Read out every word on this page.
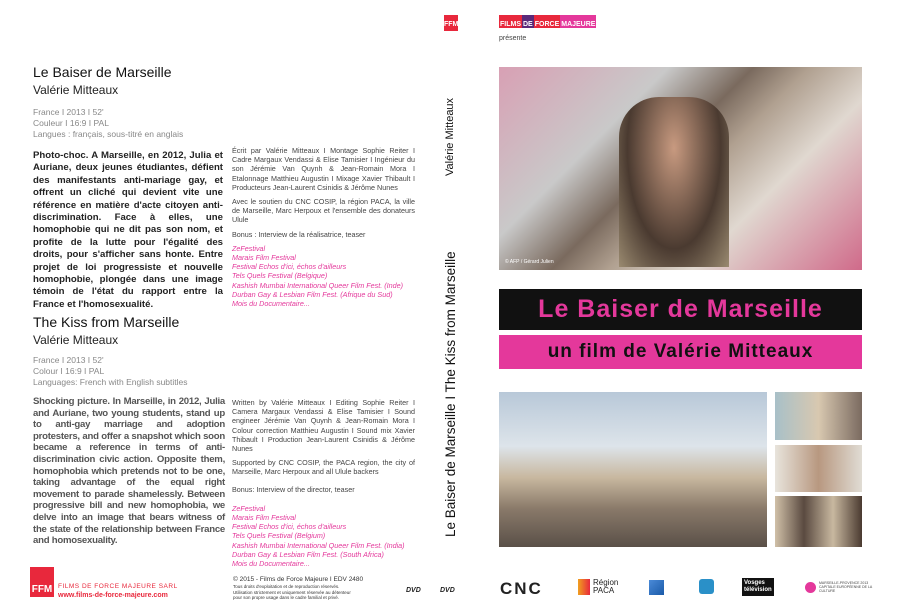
Le Baiser de Marseille
Valérie Mitteaux
France I 2013 I 52'
Couleur I 16:9 I PAL
Langues : français, sous-titré en anglais
Photo-choc. A Marseille, en 2012, Julia et Auriane, deux jeunes étudiantes, défient des manifestants anti-mariage gay, et offrent un cliché qui devient vite une référence en matière d'acte citoyen anti-discrimination. Face à elles, une homophobie qui ne dit pas son nom, et profite de la lutte pour l'égalité des droits, pour s'afficher sans honte. Entre projet de loi progressiste et nouvelle homophobie, plongée dans une image témoin de l'état du rapport entre la France et l'homosexualité.

Écrit par Valérie Mitteaux I Montage Sophie Reiter I Cadre Margaux Vendassi & Elise Tamisier I Ingénieur du son Jérémie Van Quynh & Jean-Romain Mora I Etalonnage Matthieu Augustin I Mixage Xavier Thibault I Producteurs Jean-Laurent Csinidis & Jérôme Nunes

Avec le soutien du CNC COSIP, la région PACA, la ville de Marseille, Marc Herpoux et l'ensemble des donateurs Ulule

Bonus : Interview de la réalisatrice, teaser

ZeFestival
Marais Film Festival
Festival Echos d'ici, échos d'ailleurs
Tels Quels Festival (Belgique)
Kashish Mumbai International Queer Film Fest. (Inde)
Durban Gay & Lesbian Film Fest. (Afrique du Sud)
Mois du Documentaire...
The Kiss from Marseille
Valérie Mitteaux
France I 2013 I 52'
Colour I 16:9 I PAL
Languages: French with English subtitles
Shocking picture. In Marseille, in 2012, Julia and Auriane, two young students, stand up to anti-gay marriage and adoption protesters, and offer a snapshot which soon became a reference in terms of anti-discrimination civic action. Opposite them, homophobia which pretends not to be one, taking advantage of the equal right movement to parade shamelessly. Between progressive bill and new homophobia, we delve into an image that bears witness of the state of the relationship between France and homosexuality.

Written by Valérie Mitteaux I Editing Sophie Reiter I Camera Margaux Vendassi & Elise Tamisier I Sound engineer Jérémie Van Quynh & Jean-Romain Mora I Colour correction Matthieu Augustin I Sound mix Xavier Thibault I Production Jean-Laurent Csinidis & Jérôme Nunes

Supported by CNC COSIP, the PACA region, the city of Marseille, Marc Herpoux and all Ulule backers

Bonus: Interview of the director, teaser

ZeFestival
Marais Film Festival
Festival Echos d'ici, échos d'ailleurs
Tels Quels Festival (Belgium)
Kashish Mumbai International Queer Film Fest. (India)
Durban Gay & Lesbian Film Fest. (South Africa)
Mois du Documentaire...
FFM
Valérie Mitteaux
Le Baiser de Marseille I The Kiss from Marseille
FILMS DE FORCE MAJEURE
présente
© AFP / Gérard Julien
Le Baiser de Marseille
un film de Valérie Mitteaux
FFM FILMS DE FORCE MAJEURE SARL
www.films-de-force-majeure.com
© 2015 - Films de Force Majeure I EDV 2480
Tous droits d'exploitation et de reproduction réservés.
Utilisation strictement et uniquement réservée au détenteur
pour son propre usage dans le cadre familial et privé.
DVD	DVD	CNC	Région PACA
Vosges télévision
MARSEILLE-PROVENCE 2013 CAPITALE EUROPÉENNE DE LA CULTURE
